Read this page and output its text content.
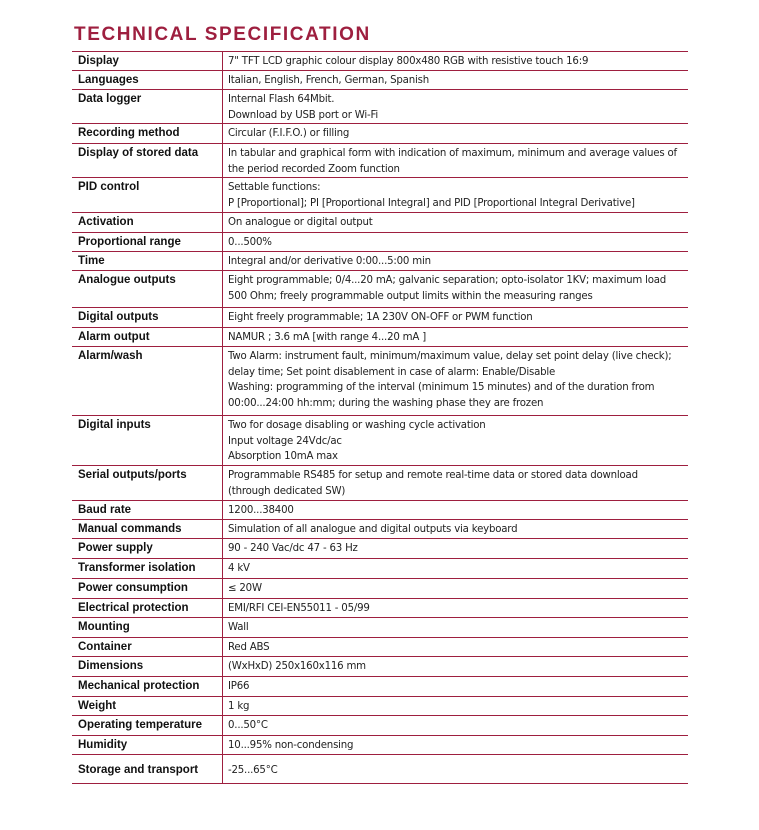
TECHNICAL SPECIFICATION
Display	7" TFT LCD graphic colour display 800x480 RGB with resistive touch 16:9
Languages	Italian, English, French, German, Spanish
Data logger	Internal Flash 64Mbit.
Download by USB port or Wi-Fi
Recording method	Circular (F.I.F.O.) or filling
Display of stored data	In tabular and graphical form with indication of maximum, minimum and average values of
the period recorded Zoom function
PID control	Settable functions:
P [Proportional]; PI [Proportional Integral] and PID [Proportional Integral Derivative]
Activation	On analogue or digital output
Proportional range	0...500%
Time	Integral and/or derivative 0:00...5:00 min
Analogue outputs	Eight programmable; 0/4...20 mA; galvanic separation; opto-isolator 1KV; maximum load
500 Ohm; freely programmable output limits within the measuring ranges
Digital outputs	Eight freely programmable; 1A 230V ON-OFF or PWM function
Alarm output	NAMUR ; 3.6 mA [with range 4...20 mA ]
Alarm/wash	Two Alarm: instrument fault, minimum/maximum value, delay set point delay (live check);
delay time; Set point disablement in case of alarm: Enable/Disable
Washing: programming of the interval (minimum 15 minutes) and of the duration from
00:00...24:00 hh:mm; during the washing phase they are frozen
Digital inputs	Two for dosage disabling or washing cycle activation
Input voltage 24Vdc/ac
Absorption 10mA max
Serial outputs/ports	Programmable RS485 for setup and remote real-time data or stored data download
(through dedicated SW)
Baud rate	1200...38400
Manual commands	Simulation of all analogue and digital outputs via keyboard
Power supply	90 - 240 Vac/dc 47 - 63 Hz
Transformer isolation	4 kV
Power consumption	≤ 20W
Electrical protection	EMI/RFI CEI-EN55011 - 05/99
Mounting	Wall
Container	Red ABS
Dimensions	(WxHxD) 250x160x116 mm
Mechanical protection	IP66
Weight	1 kg
Operating temperature	0...50°C
Humidity	10...95% non-condensing
Storage and transport	-25...65°C
